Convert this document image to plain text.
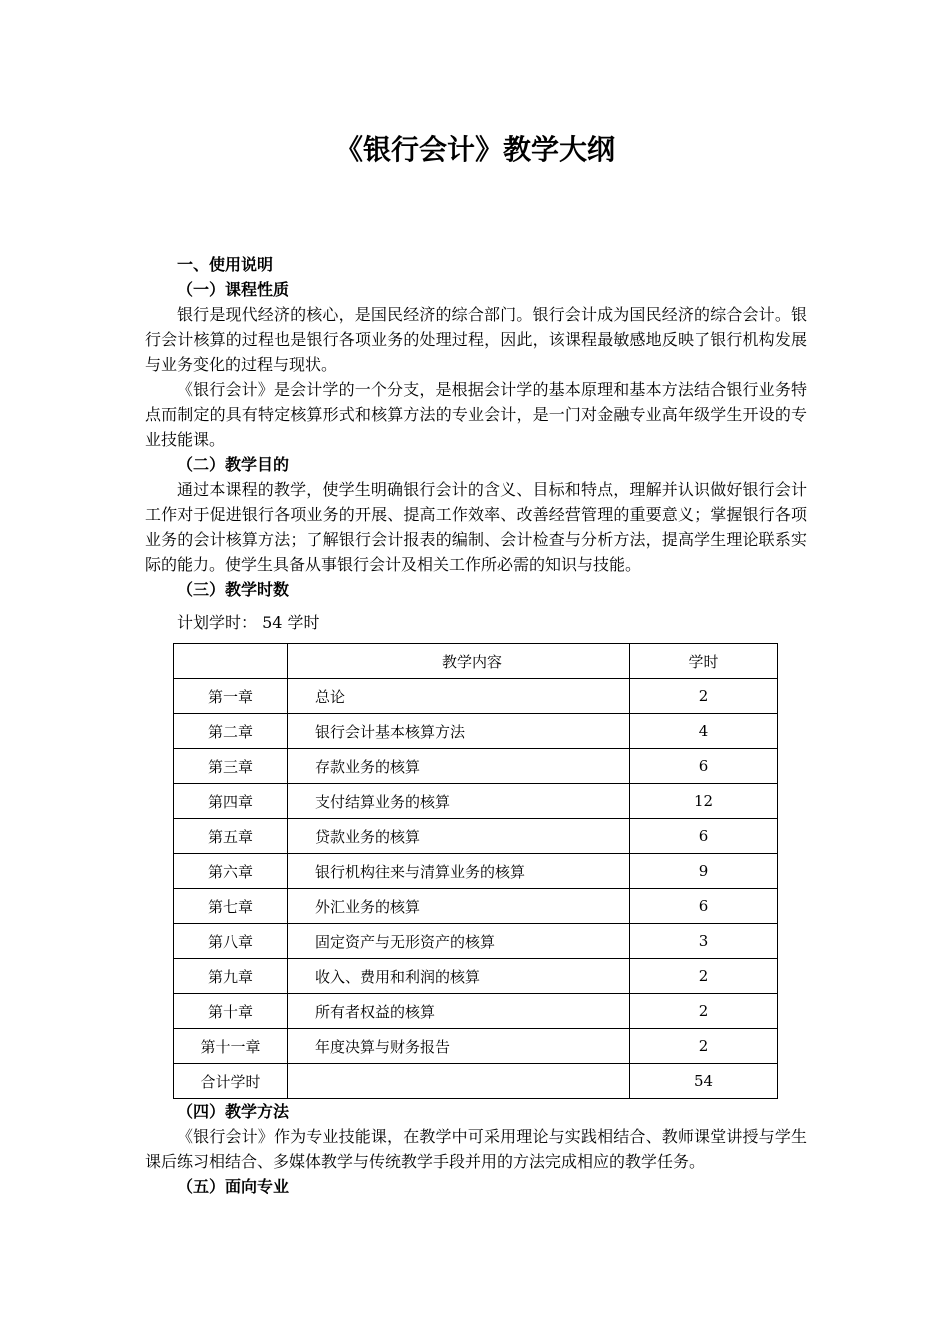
《银行会计》教学大纲
一、使用说明
（一）课程性质

银行是现代经济的核心，是国民经济的综合部门。银行会计成为国民经济的综合会计。银行会计核算的过程也是银行各项业务的处理过程，因此，该课程最敏感地反映了银行机构发展与业务变化的过程与现状。

《银行会计》是会计学的一个分支，是根据会计学的基本原理和基本方法结合银行业务特点而制定的具有特定核算形式和核算方法的专业会计，是一门对金融专业高年级学生开设的专业技能课。

（二）教学目的

通过本课程的教学，使学生明确银行会计的含义、目标和特点，理解并认识做好银行会计工作对于促进银行各项业务的开展、提高工作效率、改善经营管理的重要意义；掌握银行各项业务的会计核算方法；了解银行会计报表的编制、会计检查与分析方法，提高学生理论联系实际的能力。使学生具备从事银行会计及相关工作所必需的知识与技能。

（三）教学时数
计划学时： 54 学时
	教学内容	学时
第一章	总论	2
第二章	银行会计基本核算方法	4
第三章	存款业务的核算	6
第四章	支付结算业务的核算	12
第五章	贷款业务的核算	6
第六章	银行机构往来与清算业务的核算	9
第七章	外汇业务的核算	6
第八章	固定资产与无形资产的核算	3
第九章	收入、费用和利润的核算	2
第十章	所有者权益的核算	2
第十一章	年度决算与财务报告	2
合计学时		54
（四）教学方法

《银行会计》作为专业技能课，在教学中可采用理论与实践相结合、教师课堂讲授与学生课后练习相结合、多媒体教学与传统教学手段并用的方法完成相应的教学任务。

（五）面向专业
